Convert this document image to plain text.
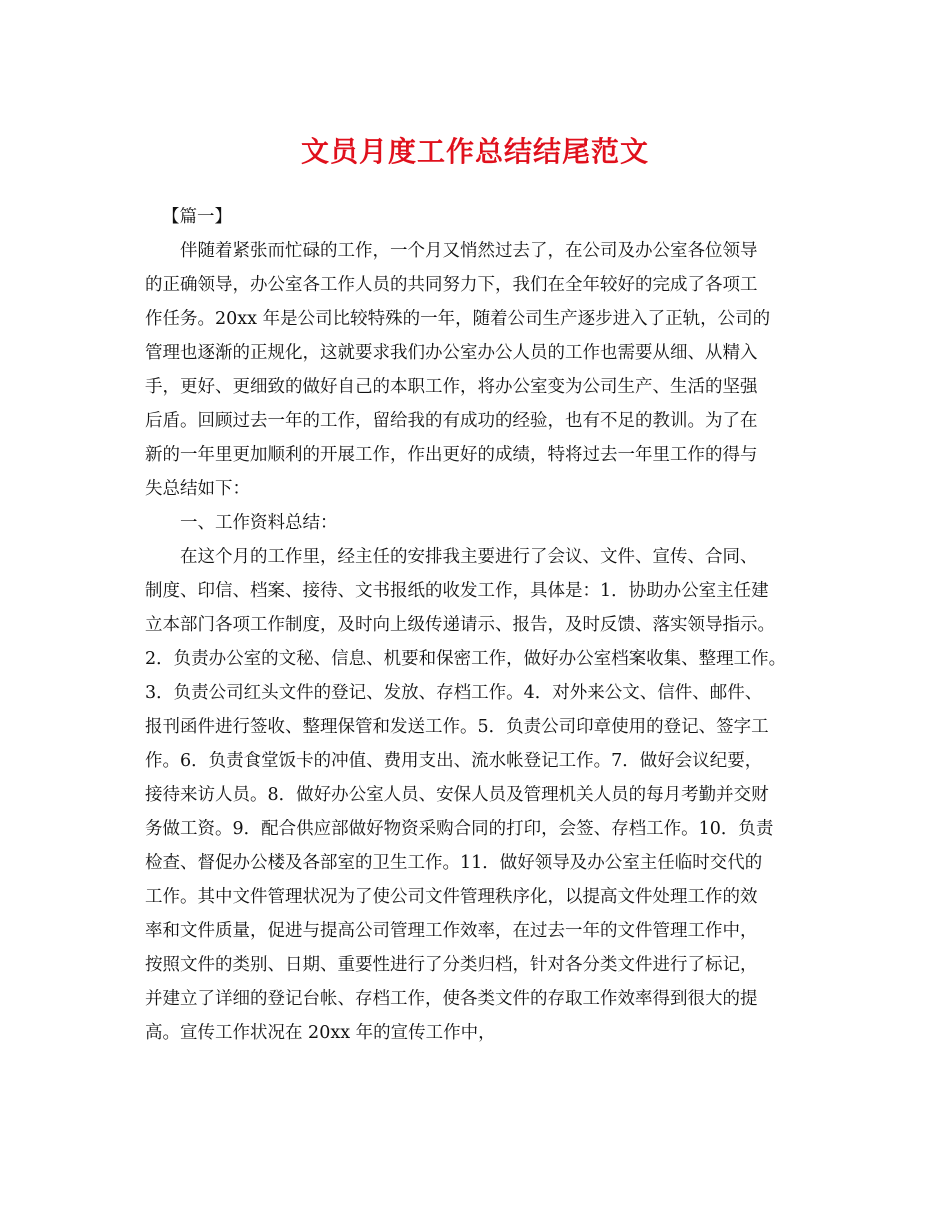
文员月度工作总结结尾范文
【篇一】
伴随着紧张而忙碌的工作，一个月又悄然过去了，在公司及办公室各位领导
的正确领导，办公室各工作人员的共同努力下，我们在全年较好的完成了各项工
作任务。20xx 年是公司比较特殊的一年，随着公司生产逐步进入了正轨，公司的
管理也逐渐的正规化，这就要求我们办公室办公人员的工作也需要从细、从精入
手，更好、更细致的做好自己的本职工作，将办公室变为公司生产、生活的坚强
后盾。回顾过去一年的工作，留给我的有成功的经验，也有不足的教训。为了在
新的一年里更加顺利的开展工作，作出更好的成绩，特将过去一年里工作的得与
失总结如下：
一、工作资料总结：
在这个月的工作里，经主任的安排我主要进行了会议、文件、宣传、合同、
制度、印信、档案、接待、文书报纸的收发工作，具体是：1．协助办公室主任建
立本部门各项工作制度，及时向上级传递请示、报告，及时反馈、落实领导指示。
2．负责办公室的文秘、信息、机要和保密工作，做好办公室档案收集、整理工作。
3．负责公司红头文件的登记、发放、存档工作。4．对外来公文、信件、邮件、
报刊函件进行签收、整理保管和发送工作。5．负责公司印章使用的登记、签字工
作。6．负责食堂饭卡的冲值、费用支出、流水帐登记工作。7．做好会议纪要，
接待来访人员。8．做好办公室人员、安保人员及管理机关人员的每月考勤并交财
务做工资。9．配合供应部做好物资采购合同的打印，会签、存档工作。10．负责
检查、督促办公楼及各部室的卫生工作。11．做好领导及办公室主任临时交代的
工作。其中文件管理状况为了使公司文件管理秩序化，以提高文件处理工作的效
率和文件质量，促进与提高公司管理工作效率，在过去一年的文件管理工作中，
按照文件的类别、日期、重要性进行了分类归档，针对各分类文件进行了标记，
并建立了详细的登记台帐、存档工作，使各类文件的存取工作效率得到很大的提
高。宣传工作状况在 20xx 年的宣传工作中，
